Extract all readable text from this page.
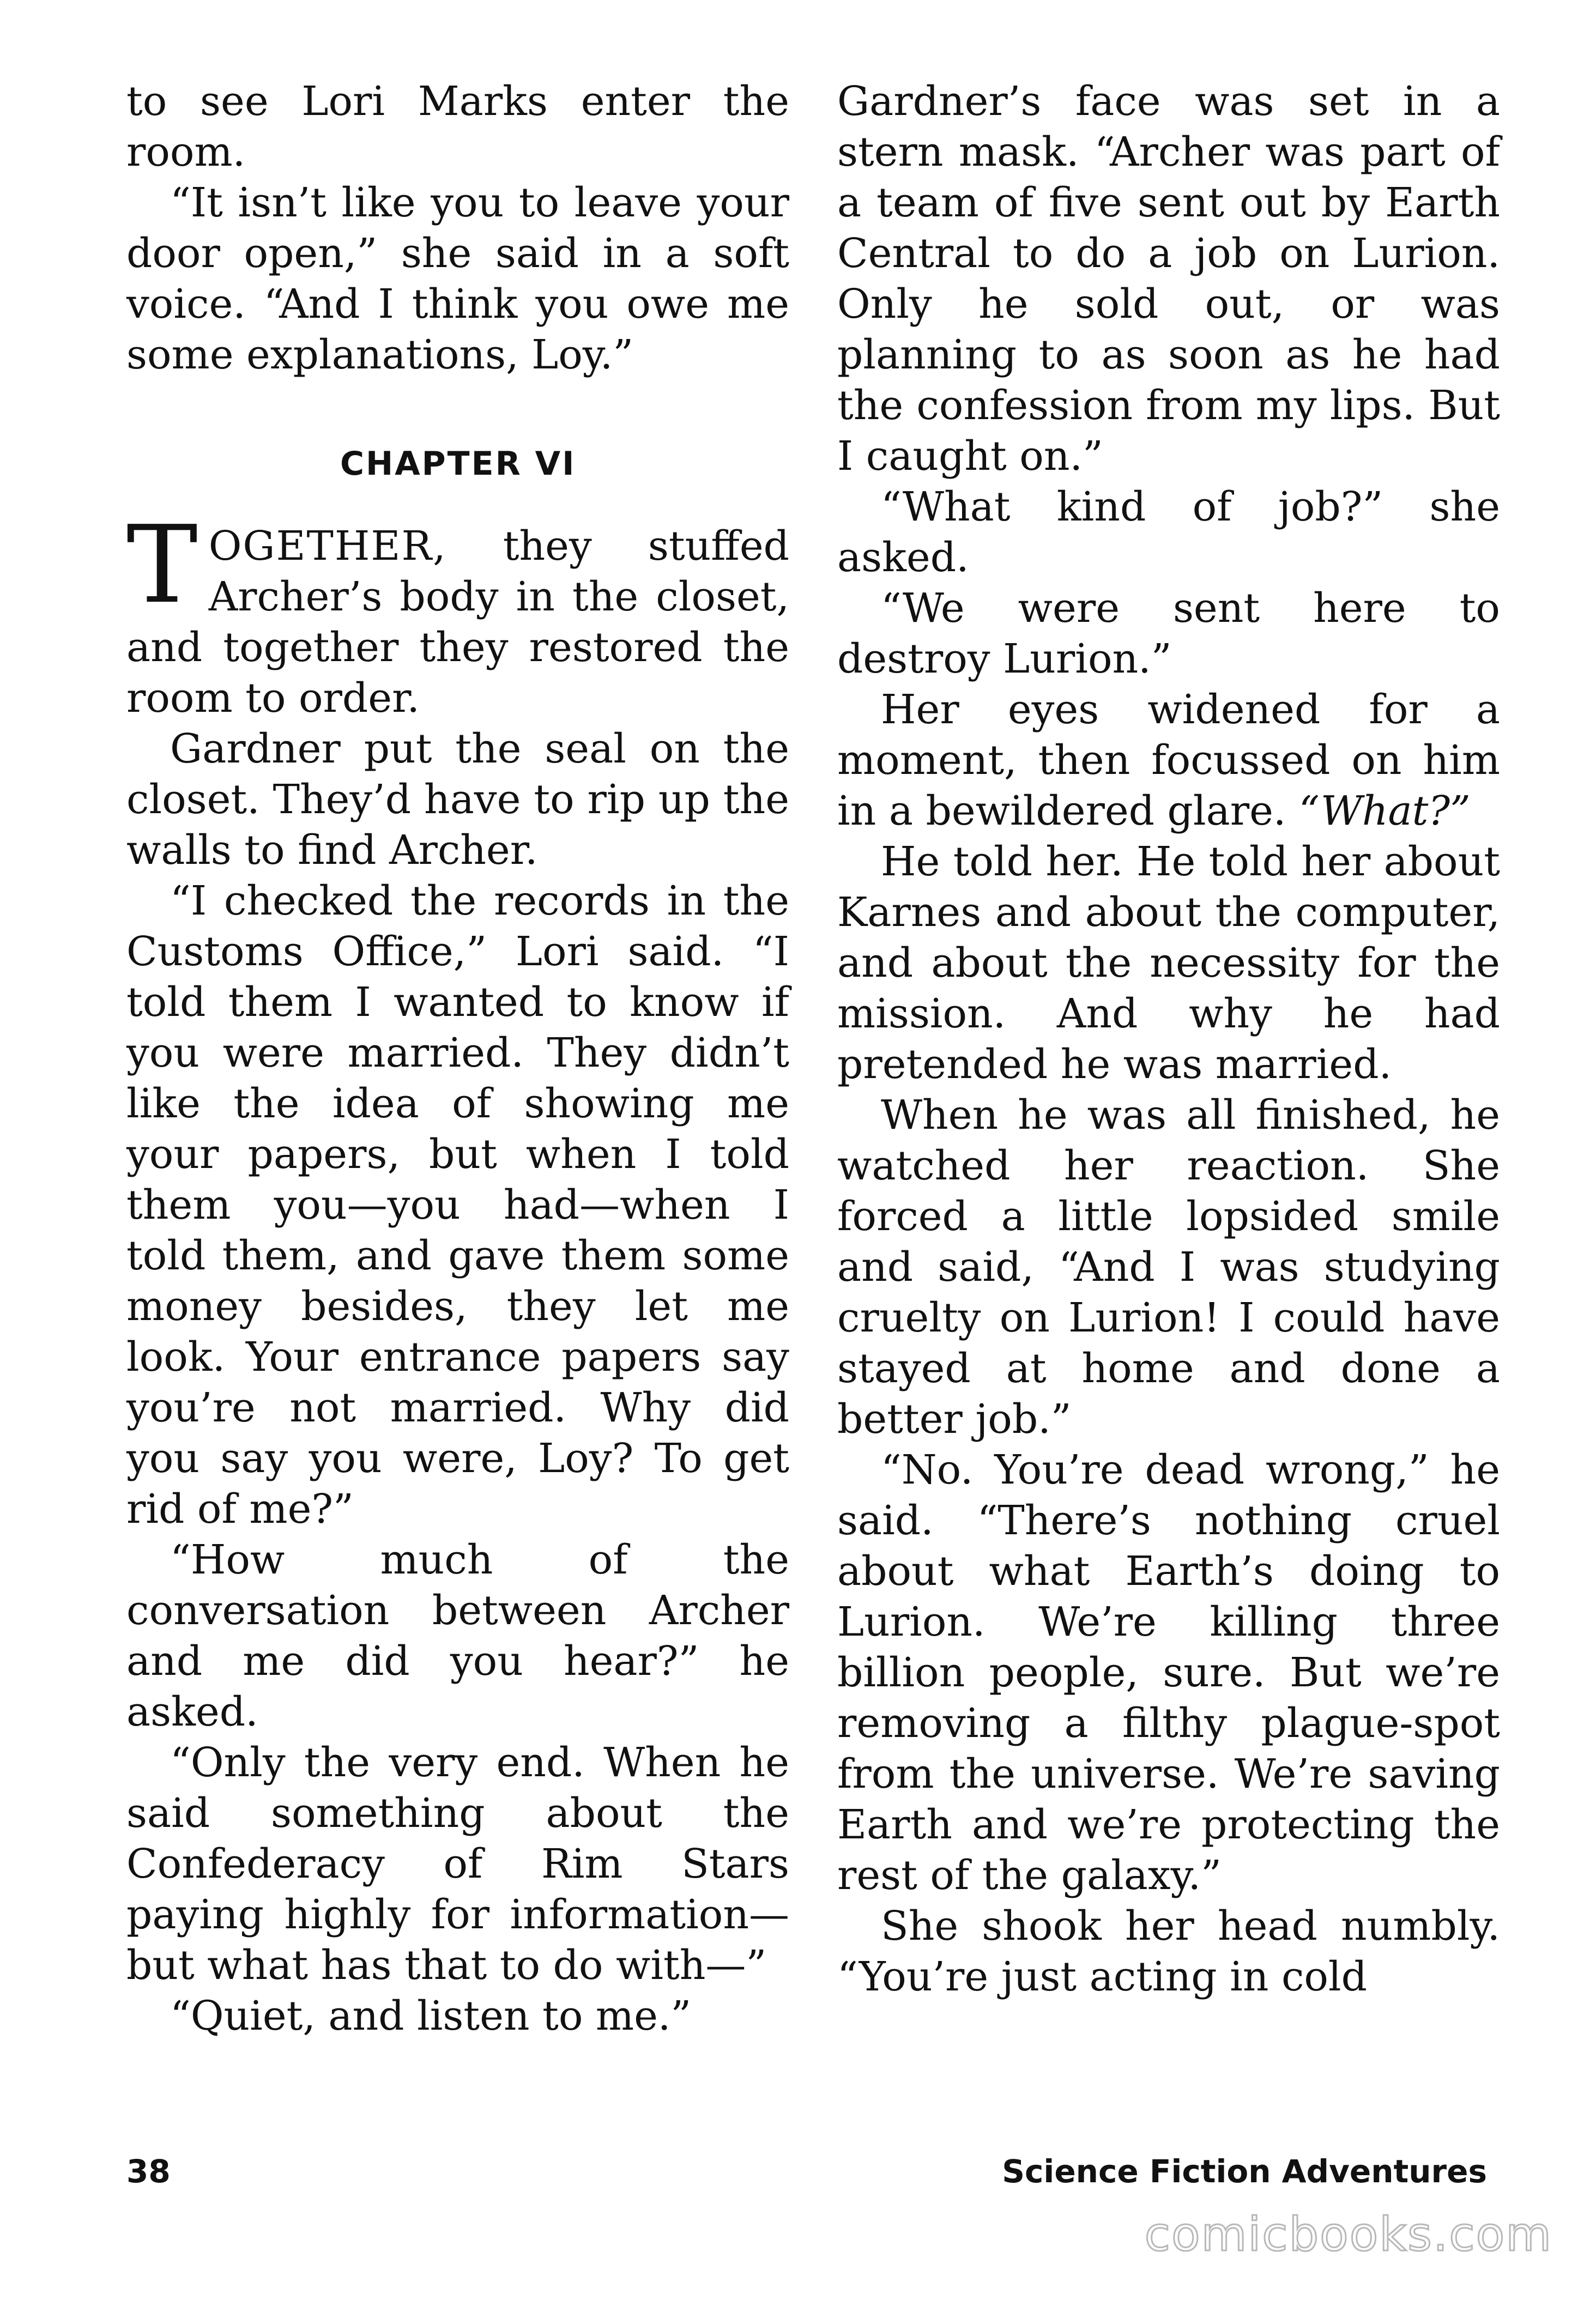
to see Lori Marks enter the room.

“It isn’t like you to leave your door open,” she said in a soft voice. “And I think you owe me some explanations, Loy.”

CHAPTER VI

TOGETHER, they stuffed Archer’s body in the closet, and together they restored the room to order.

Gardner put the seal on the closet. They’d have to rip up the walls to find Archer.

“I checked the records in the Customs Office,” Lori said. “I told them I wanted to know if you were married. They didn’t like the idea of showing me your papers, but when I told them you—you had—when I told them, and gave them some money besides, they let me look. Your entrance papers say you’re not married. Why did you say you were, Loy? To get rid of me?”

“How much of the conversation between Archer and me did you hear?” he asked.

“Only the very end. When he said something about the Confederacy of Rim Stars paying highly for information—but what has that to do with—”

“Quiet, and listen to me.”

Gardner’s face was set in a stern mask. “Archer was part of a team of five sent out by Earth Central to do a job on Lurion. Only he sold out, or was planning to as soon as he had the confession from my lips. But I caught on.”

“What kind of job?” she asked.

“We were sent here to destroy Lurion.”

Her eyes widened for a moment, then focussed on him in a bewildered glare. “What?”

He told her. He told her about Karnes and about the computer, and about the necessity for the mission. And why he had pretended he was married.

When he was all finished, he watched her reaction. She forced a little lopsided smile and said, “And I was studying cruelty on Lurion! I could have stayed at home and done a better job.”

“No. You’re dead wrong,” he said. “There’s nothing cruel about what Earth’s doing to Lurion. We’re killing three billion people, sure. But we’re removing a filthy plague-spot from the universe. We’re saving Earth and we’re protecting the rest of the galaxy.”

She shook her head numbly. “You’re just acting in cold

38	Science Fiction Adventures
comicbooks.com
